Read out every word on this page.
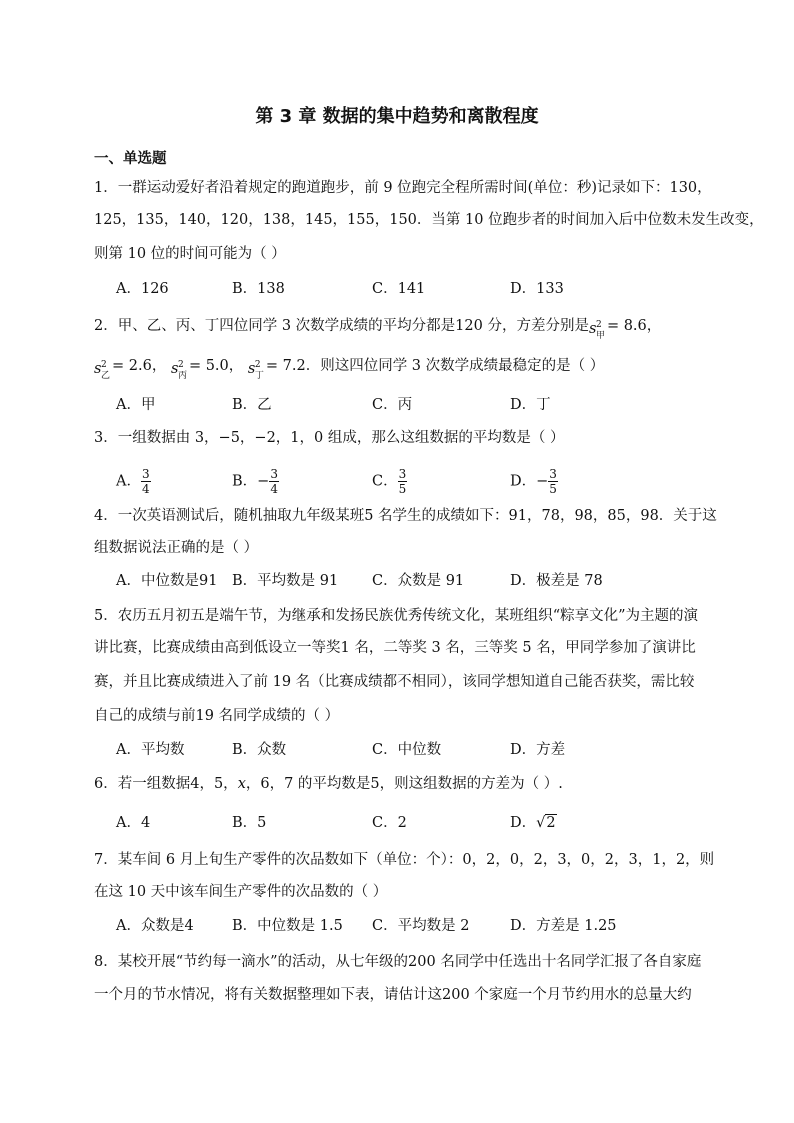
第 3 章 数据的集中趋势和离散程度
一、单选题
1．一群运动爱好者沿着规定的跑道跑步，前 9 位跑完全程所需时间(单位：秒)记录如下：130，
125，135，140，120，138，145，155，150．当第 10 位跑步者的时间加入后中位数未发生改变，
则第 10 位的时间可能为（ ）
A．126	B．138	C．141	D．133
2．甲、乙、丙、丁四位同学 3 次数学成绩的平均分都是120 分，方差分别是 s 2
甲
= 8.6，
s 2
乙
= 2.6， s 2
丙
= 5.0， s 2
丁
= 7.2．则这四位同学 3 次数学成绩最稳定的是（ ）
A．甲	B．乙	C．丙	D．丁
3．一组数据由 3，−5，−2，1，0 组成，那么这组数据的平均数是（ ）
A． $\frac{3}{4}$	B．− $\frac{3}{4}$	C． $\frac{3}{5}$	D．− $\frac{3}{5}$
4．一次英语测试后，随机抽取九年级某班5 名学生的成绩如下：91，78，98，85，98．关于这
组数据说法正确的是（ ）
A．中位数是91 B．平均数是 91 C．众数是 91	D．极差是 78
5．农历五月初五是端午节，为继承和发扬民族优秀传统文化，某班组织“粽享文化”为主题的演
讲比赛，比赛成绩由高到低设立一等奖1 名，二等奖 3 名，三等奖 5 名，甲同学参加了演讲比
赛，并且比赛成绩进入了前 19 名（比赛成绩都不相同），该同学想知道自己能否获奖，需比较
自己的成绩与前19 名同学成绩的（ ）
A．平均数	B．众数	C．中位数	D．方差
6．若一组数据4，5，x，6，7 的平均数是5，则这组数据的方差为（ ）.
A．4	B．5	C．2	D．√2
7．某车间 6 月上旬生产零件的次品数如下（单位：个）：0，2，0，2，3，0，2，3，1，2，则
在这 10 天中该车间生产零件的次品数的（ ）
A．众数是4	B．中位数是 1.5 C．平均数是 2	D．方差是 1.25
8．某校开展“节约每一滴水”的活动，从七年级的200 名同学中任选出十名同学汇报了各自家庭
一个月的节水情况，将有关数据整理如下表，请估计这200 个家庭一个月节约用水的总量大约
